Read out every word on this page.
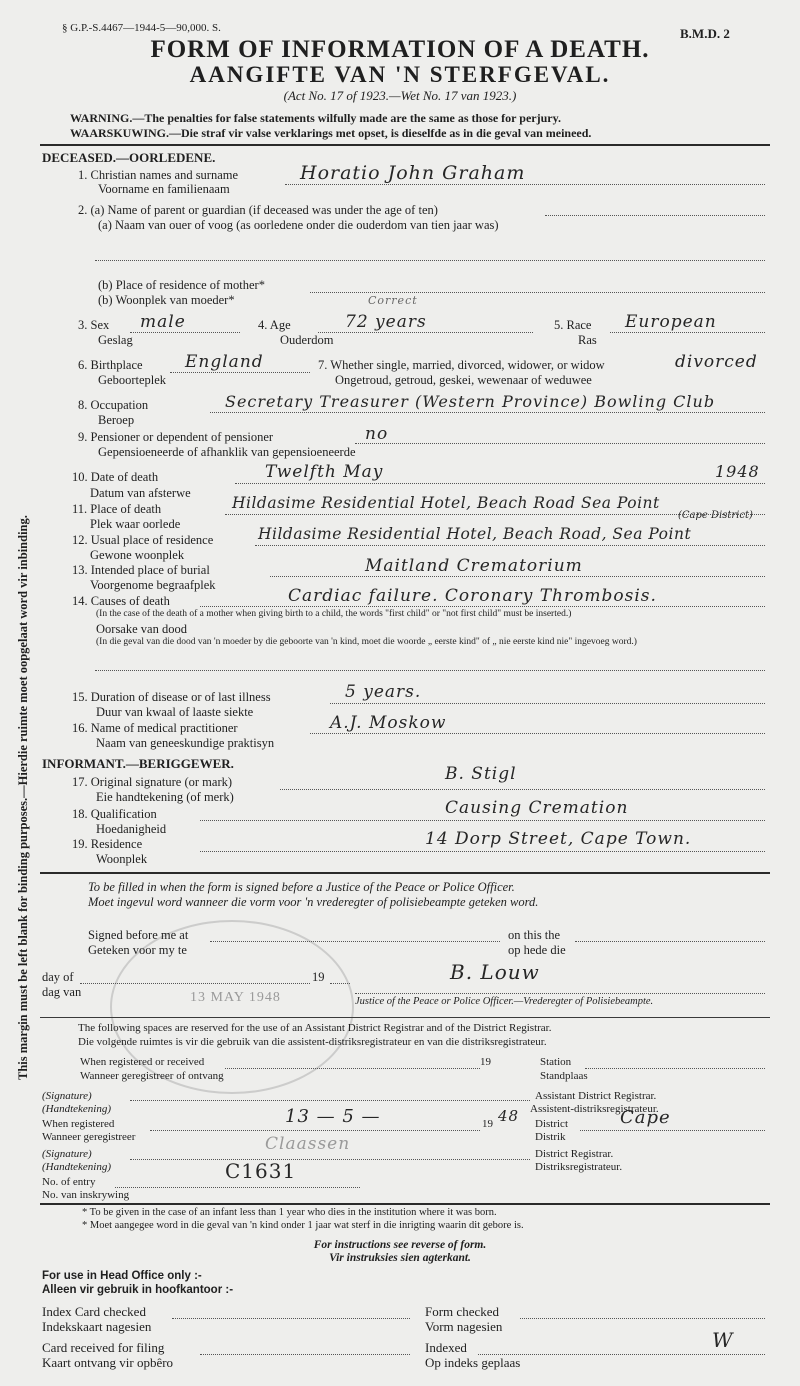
§ G.P.-S.4467—1944-5—90,000. S.	B.M.D. 2
FORM OF INFORMATION OF A DEATH.
AANGIFTE VAN 'N STERFGEVAL.
(Act No. 17 of 1923.—Wet No. 17 van 1923.)
WARNING.—The penalties for false statements wilfully made are the same as those for perjury.
WAARSKUWING.—Die straf vir valse verklarings met opset, is dieselfde as in die geval van meineed.
This margin must be left blank for binding purposes.—Hierdie ruimte moet oopgelaat word vir inbinding.
DECEASED.—OORLEDENE.
1. Christian names and surname
Voorname en familienaam
Horatio John Graham
2. (a) Name of parent or guardian (if deceased was under the age of ten)
(a) Naam van ouer of voog (as oorledene onder die ouderdom van tien jaar was)
(b) Place of residence of mother*
(b) Woonplek van moeder*	Correct
3. Sex
Geslag
male	4. Age
Ouderdom
72 years	5. Race
Ras
European
6. Birthplace
Geboorteplek
England	7. Whether single, married, divorced, widower, or widow
Ongetroud, getroud, geskei, wewenaar of weduwee
divorced
8. Occupation
Beroep
Secretary Treasurer (Western Province) Bowling Club
9. Pensioner or dependent of pensioner
Gepensioeneerde of afhanklik van gepensioeneerde
no
10. Date of death
Datum van afsterwe
Twelfth May	1948
11. Place of death
Plek waar oorlede
Hildasime Residential Hotel, Beach Road Sea Point
(Cape District)
12. Usual place of residence
Gewone woonplek
Hildasime Residential Hotel, Beach Road, Sea Point
13. Intended place of burial
Voorgenome begraafplek
Maitland Crematorium
14. Causes of death	Cardiac failure. Coronary Thrombosis.
(In the case of the death of a mother when giving birth to a child, the words "first child" or "not first child" must be inserted.)
Oorsake van dood
(In die geval van die dood van 'n moeder by die geboorte van 'n kind, moet die woorde „ eerste kind" of „ nie eerste kind nie" ingevoeg word.)
15. Duration of disease or of last illness
Duur van kwaal of laaste siekte
5 years.
16. Name of medical practitioner
Naam van geneeskundige praktisyn
A.J. Moskow
INFORMANT.—BERIGGEWER.
17. Original signature (or mark)
Eie handtekening (of merk)
B. Stigl
18. Qualification
Hoedanigheid
Causing Cremation
19. Residence
Woonplek
14 Dorp Street, Cape Town.
To be filled in when the form is signed before a Justice of the Peace or Police Officer.
Moet ingevul word wanneer die vorm voor 'n vrederegter of polisiebeampte geteken word.
13 MAY 1948
Signed before me at
Geteken voor my te
on this the
op hede die
day of
dag van
19	B. Louw
Justice of the Peace or Police Officer.—Vrederegter of Polisiebeampte.
The following spaces are reserved for the use of an Assistant District Registrar and of the District Registrar.
Die volgende ruimtes is vir die gebruik van die assistent-distriksregistrateur en van die distriksregistrateur.
When registered or received
Wanneer geregistreer of ontvang
19	Station
Standplaas
(Signature)
(Handtekening)
Assistant District Registrar.
Assistent-distriksregistrateur.
When registered
Wanneer geregistreer
13 — 5 —	19 48 District
Distrik
Cape
(Signature)
(Handtekening)
Claassen	District Registrar.
Distriksregistrateur.
No. of entry
No. van inskrywing
C1631
* To be given in the case of an infant less than 1 year who dies in the institution where it was born.
* Moet aangegee word in die geval van 'n kind onder 1 jaar wat sterf in die inrigting waarin dit gebore is.
For instructions see reverse of form.
Vir instruksies sien agterkant.
For use in Head Office only :-
Alleen vir gebruik in hoofkantoor :-
Index Card checked
Indekskaart nagesien
Form checked
Vorm nagesien
Card received for filing
Kaart ontvang vir opbêro
Indexed
Op indeks geplaas
W
